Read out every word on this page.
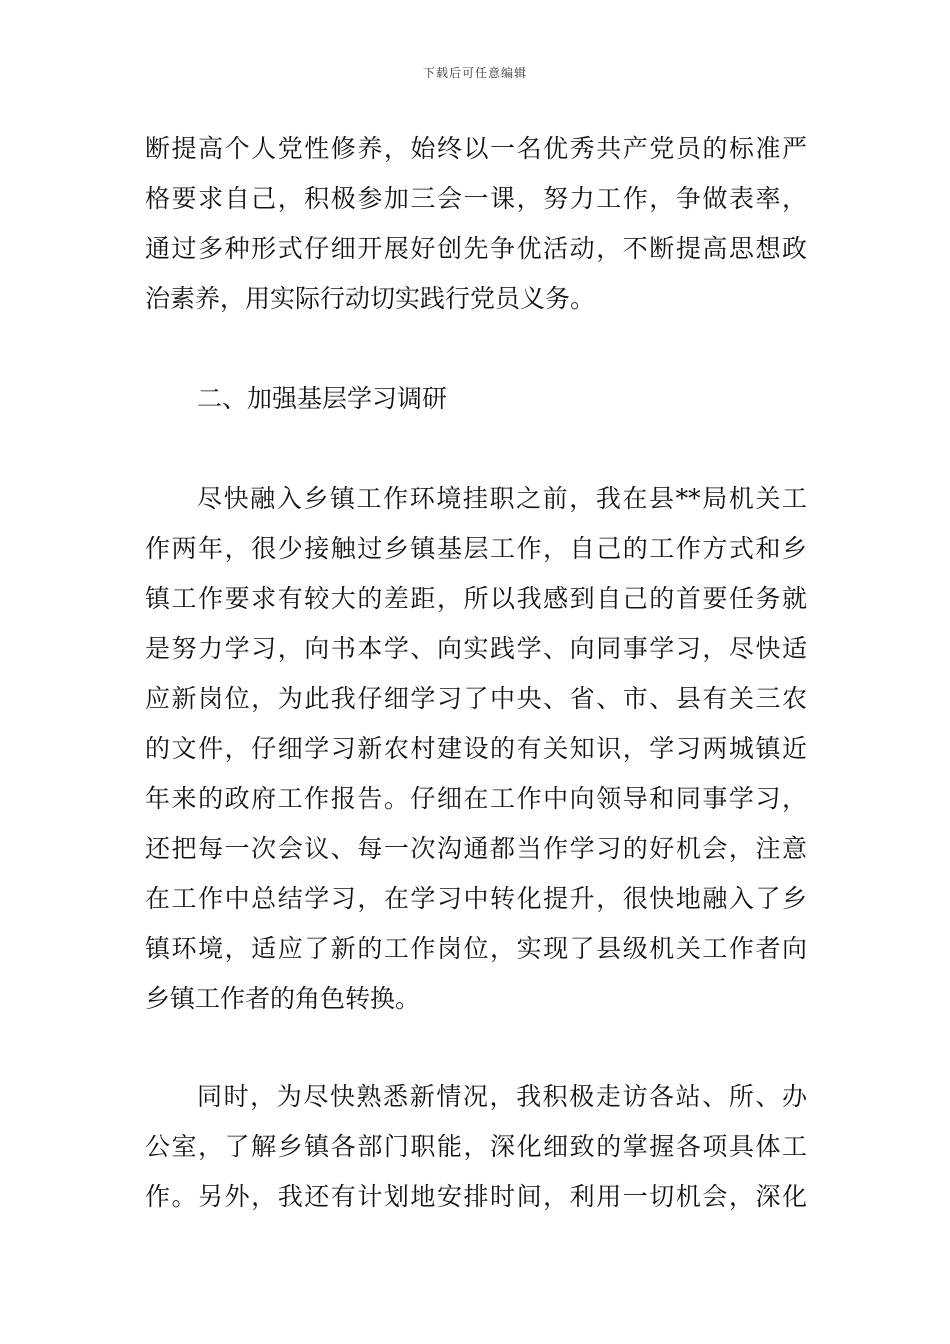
下载后可任意编辑
断提高个人党性修养，始终以一名优秀共产党员的标准严
格要求自己，积极参加三会一课，努力工作，争做表率，
通过多种形式仔细开展好创先争优活动，不断提高思想政
治素养，用实际行动切实践行党员义务。
二、加强基层学习调研
尽快融入乡镇工作环境挂职之前，我在县**局机关工
作两年，很少接触过乡镇基层工作，自己的工作方式和乡
镇工作要求有较大的差距，所以我感到自己的首要任务就
是努力学习，向书本学、向实践学、向同事学习，尽快适
应新岗位，为此我仔细学习了中央、省、市、县有关三农
的文件，仔细学习新农村建设的有关知识，学习两城镇近
年来的政府工作报告。仔细在工作中向领导和同事学习，
还把每一次会议、每一次沟通都当作学习的好机会，注意
在工作中总结学习，在学习中转化提升，很快地融入了乡
镇环境，适应了新的工作岗位，实现了县级机关工作者向
乡镇工作者的角色转换。
同时，为尽快熟悉新情况，我积极走访各站、所、办
公室，了解乡镇各部门职能，深化细致的掌握各项具体工
作。另外，我还有计划地安排时间，利用一切机会，深化
